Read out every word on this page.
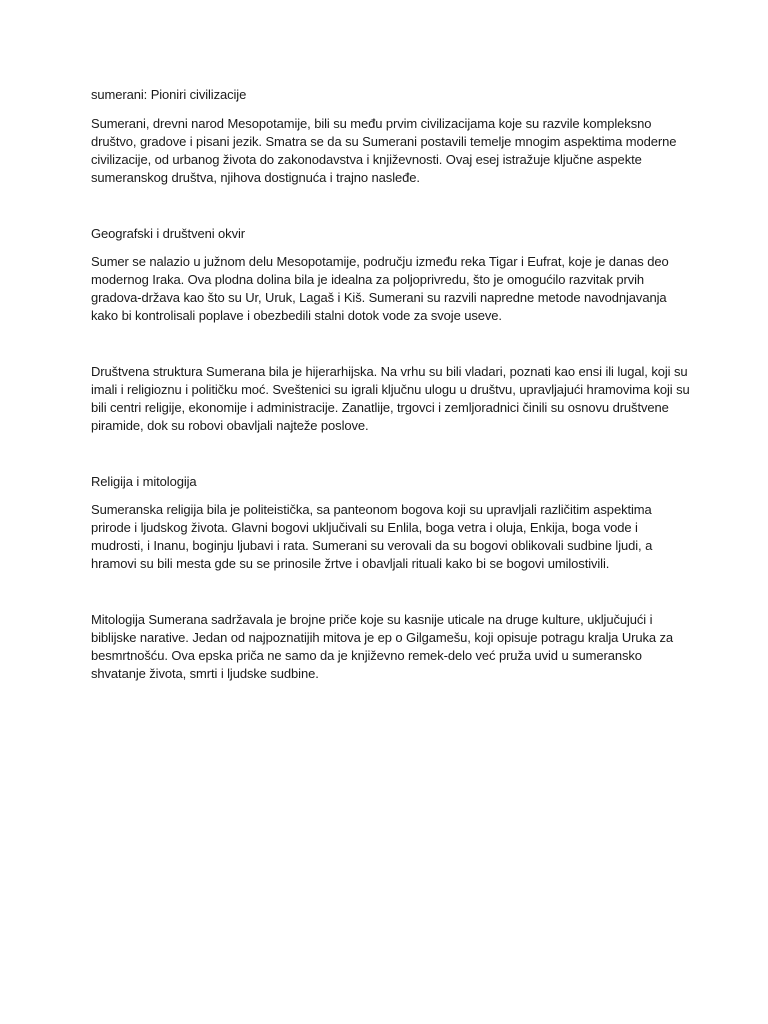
sumerani: Pioniri civilizacije

Sumerani, drevni narod Mesopotamije, bili su među prvim civilizacijama koje su razvile kompleksno društvo, gradove i pisani jezik. Smatra se da su Sumerani postavili temelje mnogim aspektima moderne civilizacije, od urbanog života do zakonodavstva i književnosti. Ovaj esej istražuje ključne aspekte sumeranskog društva, njihova dostignuća i trajno nasleđe.

Geografski i društveni okvir

Sumer se nalazio u južnom delu Mesopotamije, području između reka Tigar i Eufrat, koje je danas deo modernog Iraka. Ova plodna dolina bila je idealna za poljoprivredu, što je omogućilo razvitak prvih gradova-država kao što su Ur, Uruk, Lagaš i Kiš. Sumerani su razvili napredne metode navodnjavanja kako bi kontrolisali poplave i obezbedili stalni dotok vode za svoje useve.

Društvena struktura Sumerana bila je hijerarhijska. Na vrhu su bili vladari, poznati kao ensi ili lugal, koji su imali i religioznu i političku moć. Sveštenici su igrali ključnu ulogu u društvu, upravljajući hramovima koji su bili centri religije, ekonomije i administracije. Zanatlije, trgovci i zemljoradnici činili su osnovu društvene piramide, dok su robovi obavljali najteže poslove.

Religija i mitologija

Sumeranska religija bila je politeistička, sa panteonom bogova koji su upravljali različitim aspektima prirode i ljudskog života. Glavni bogovi uključivali su Enlila, boga vetra i oluja, Enkija, boga vode i mudrosti, i Inanu, boginju ljubavi i rata. Sumerani su verovali da su bogovi oblikovali sudbine ljudi, a hramovi su bili mesta gde su se prinosile žrtve i obavljali rituali kako bi se bogovi umilostivili.

Mitologija Sumerana sadržavala je brojne priče koje su kasnije uticale na druge kulture, uključujući i biblijske narative. Jedan od najpoznatijih mitova je ep o Gilgamešu, koji opisuje potragu kralja Uruka za besmrtnošću. Ova epska priča ne samo da je književno remek-delo već pruža uvid u sumeransko shvatanje života, smrti i ljudske sudbine.
